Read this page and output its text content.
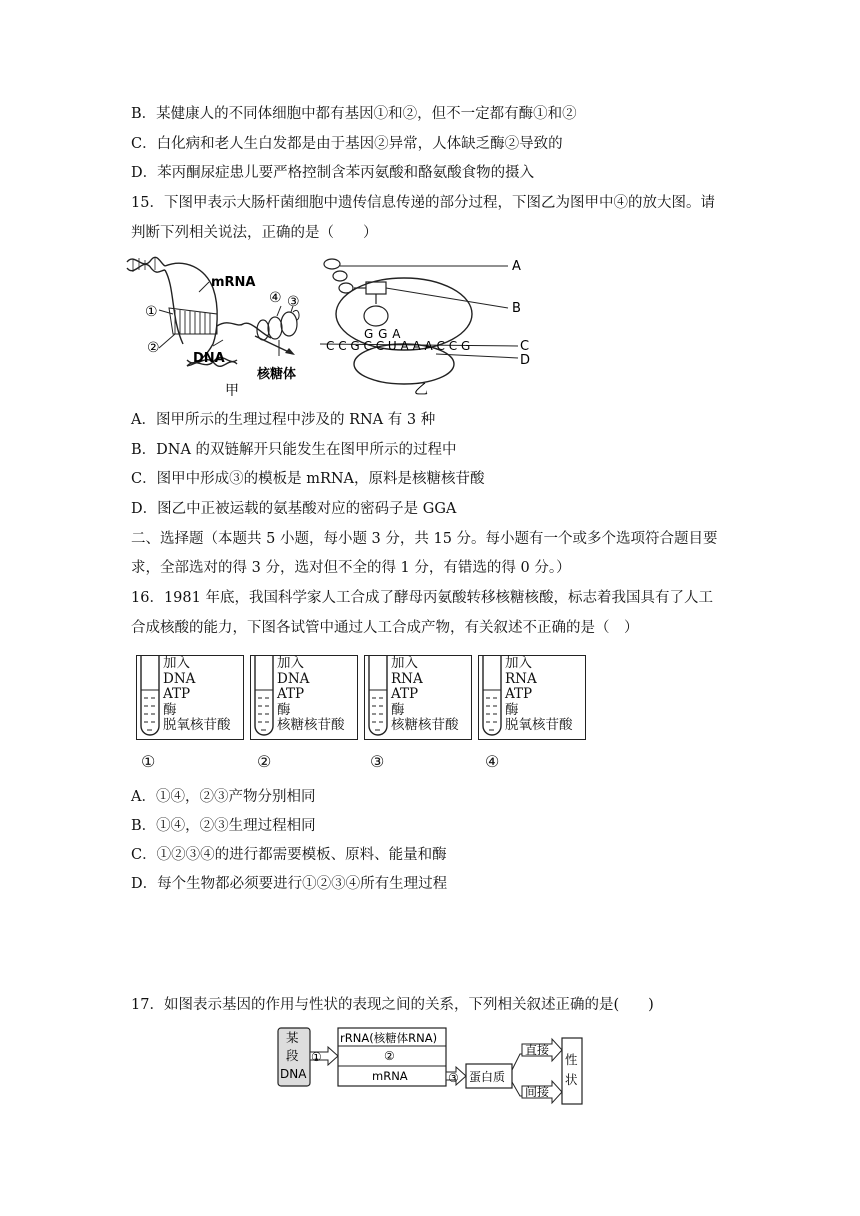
B．某健康人的不同体细胞中都有基因①和②，但不一定都有酶①和②
C．白化病和老人生白发都是由于基因②异常，人体缺乏酶②导致的
D．苯丙酮尿症患儿要严格控制含苯丙氨酸和酪氨酸食物的摄入
15．下图甲表示大肠杆菌细胞中遗传信息传递的部分过程，下图乙为图甲中④的放大图。请
判断下列相关说法，正确的是（　　）
mRNA
①
②
DNA
④ ③
核糖体
甲
G G A
C C G C C U A A A C C G
A
B
C
D
乙
A．图甲所示的生理过程中涉及的 RNA 有 3 种
B．DNA 的双链解开只能发生在图甲所示的过程中
C．图甲中形成③的模板是 mRNA，原料是核糖核苷酸
D．图乙中正被运载的氨基酸对应的密码子是 GGA
二、选择题（本题共 5 小题，每小题 3 分，共 15 分。每小题有一个或多个选项符合题目要
求，全部选对的得 3 分，选对但不全的得 1 分，有错选的得 0 分。）
16．1981 年底，我国科学家人工合成了酵母丙氨酸转移核糖核酸，标志着我国具有了人工
合成核酸的能力，下图各试管中通过人工合成产物，有关叙述不正确的是（　）
加入
DNA
ATP
酶
脱氧核苷酸
加入
DNA
ATP
酶
核糖核苷酸
加入
RNA
ATP
酶
核糖核苷酸
加入
RNA
ATP
酶
脱氧核苷酸
①	②	③	④
A．①④，②③产物分别相同
B．①④，②③生理过程相同
C．①②③④的进行都需要模板、原料、能量和酶
D．每个生物都必须要进行①②③④所有生理过程
17．如图表示基因的作用与性状的表现之间的关系，下列相关叙述正确的是(　　)
某
段
DNA
①
rRNA(核糖体RNA)
②
mRNA	③ 蛋白质
直接
间接
性
状
